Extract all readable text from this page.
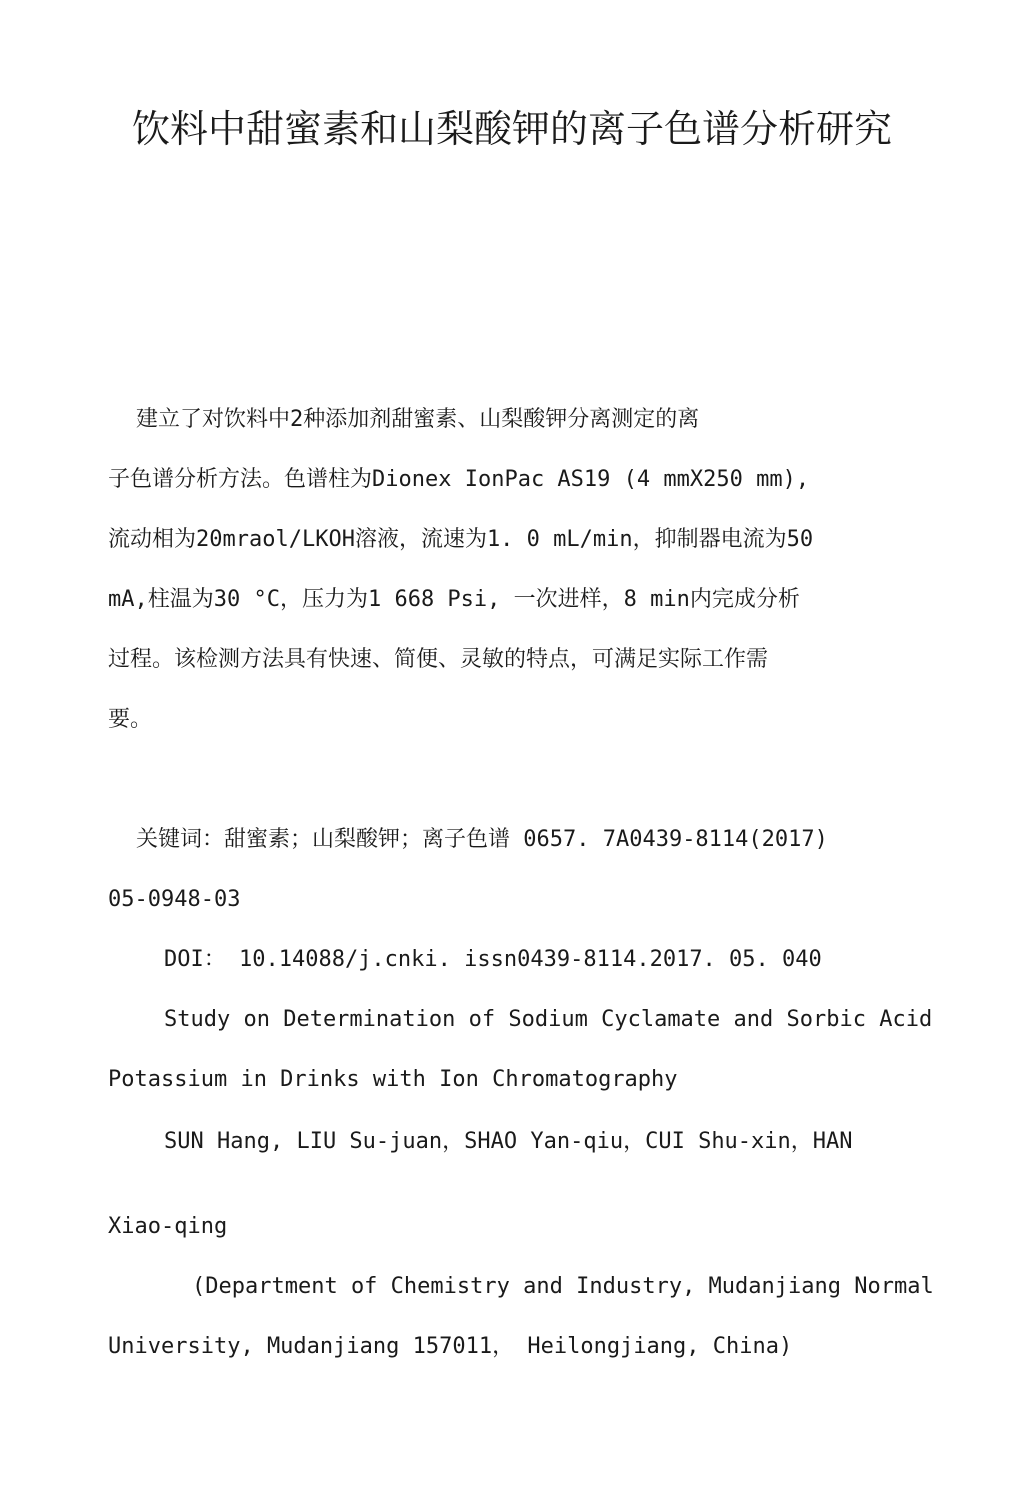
饮料中甜蜜素和山梨酸钾的离子色谱分析研究
建立了对饮料中2种添加剂甜蜜素、山梨酸钾分离测定的离
子色谱分析方法。色谱柱为Dionex IonPac AS19 (4 mmX250 mm),
流动相为20mraol/LKOH溶液，流速为1. 0 mL/min，抑制器电流为50
mA,柱温为30 °C，压力为1 668 Psi, 一次进样，8 min内完成分析
过程。该检测方法具有快速、简便、灵敏的特点，可满足实际工作需
要。
关键词：甜蜜素；山梨酸钾；离子色谱 0657. 7A0439-8114(2017)
05-0948-03
DOI： 10.14088/j.cnki. issn0439-8114.2017. 05. 040
Study on Determination of Sodium Cyclamate and Sorbic Acid
Potassium in Drinks with Ion Chromatography
SUN Hang, LIU Su-juan，SHAO Yan-qiu，CUI Shu-xin，HAN
Xiao-qing
(Department of Chemistry and Industry, Mudanjiang Normal
University, Mudanjiang 157011， Heilongjiang, China)
